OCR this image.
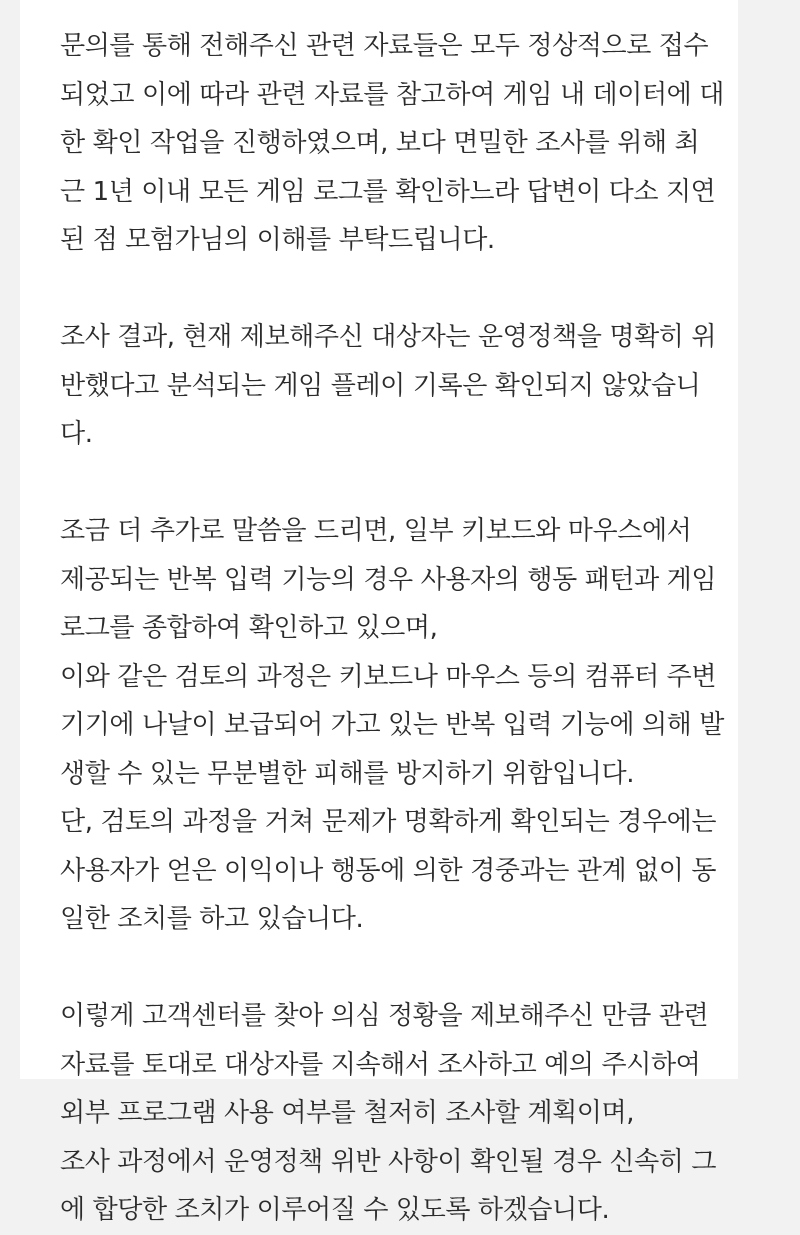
문의를 통해 전해주신 관련 자료들은 모두 정상적으로 접수
되었고 이에 따라 관련 자료를 참고하여 게임 내 데이터에 대
한 확인 작업을 진행하였으며, 보다 면밀한 조사를 위해 최
근 1년 이내 모든 게임 로그를 확인하느라 답변이 다소 지연
된 점 모험가님의 이해를 부탁드립니다.
조사 결과, 현재 제보해주신 대상자는 운영정책을 명확히 위
반했다고 분석되는 게임 플레이 기록은 확인되지 않았습니
다.
조금 더 추가로 말씀을 드리면, 일부 키보드와 마우스에서
제공되는 반복 입력 기능의 경우 사용자의 행동 패턴과 게임
로그를 종합하여 확인하고 있으며,
이와 같은 검토의 과정은 키보드나 마우스 등의 컴퓨터 주변
기기에 나날이 보급되어 가고 있는 반복 입력 기능에 의해 발
생할 수 있는 무분별한 피해를 방지하기 위함입니다.
단, 검토의 과정을 거쳐 문제가 명확하게 확인되는 경우에는
사용자가 얻은 이익이나 행동에 의한 경중과는 관계 없이 동
일한 조치를 하고 있습니다.
이렇게 고객센터를 찾아 의심 정황을 제보해주신 만큼 관련
자료를 토대로 대상자를 지속해서 조사하고 예의 주시하여
외부 프로그램 사용 여부를 철저히 조사할 계획이며,
조사 과정에서 운영정책 위반 사항이 확인될 경우 신속히 그
에 합당한 조치가 이루어질 수 있도록 하겠습니다.
